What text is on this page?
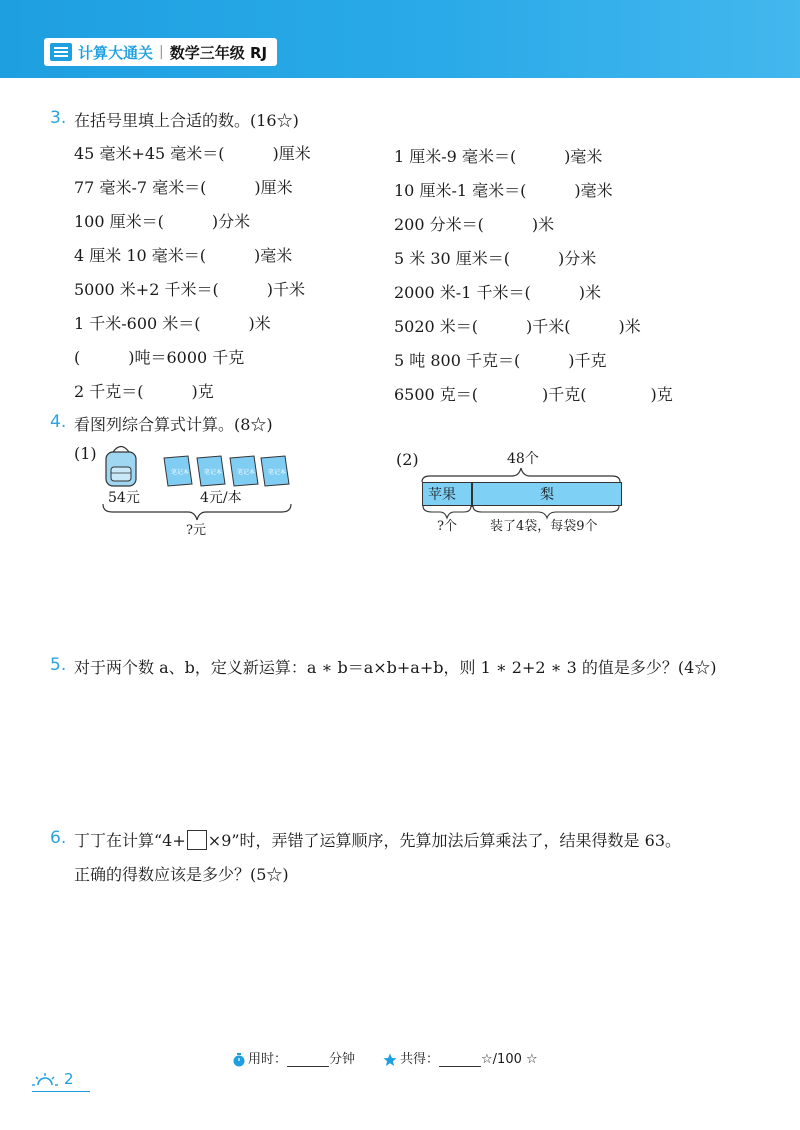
计算大通关 | 数学三年级 RJ
3. 在括号里填上合适的数。(16☆)
45 毫米+45 毫米＝(　　　)厘米
77 毫米-7 毫米＝(　　　)厘米
100 厘米＝(　　　)分米
4 厘米 10 毫米＝(　　　)毫米
5000 米+2 千米＝(　　　)千米
1 千米-600 米＝(　　　)米
(　　　)吨＝6000 千克
2 千克＝(　　　)克
1 厘米-9 毫米＝(　　　)毫米
10 厘米-1 毫米＝(　　　)毫米
200 分米＝(　　　)米
5 米 30 厘米＝(　　　)分米
2000 米-1 千米＝(　　　)米
5020 米＝(　　　)千米(　　　)米
5 吨 800 千克＝(　　　)千克
6500 克＝(　　　　)千克(　　　　)克
4. 看图列综合算式计算。(8☆)
(1)
笔记本 笔记本 笔记本 笔记本
54元	4元/本
?元
(2)	48个
苹果	梨
?个	装了4袋，每袋9个
5. 对于两个数 a、b，定义新运算：a ∗ b＝a×b+a+b，则 1 ∗ 2+2 ∗ 3 的值是多少？(4☆)
6. 丁丁在计算“4+ ×9”时，弄错了运算顺序，先算加法后算乘法了，结果得数是 63。
正确的得数应该是多少？(5☆)
用时：	分钟	共得：	☆/100 ☆
2
